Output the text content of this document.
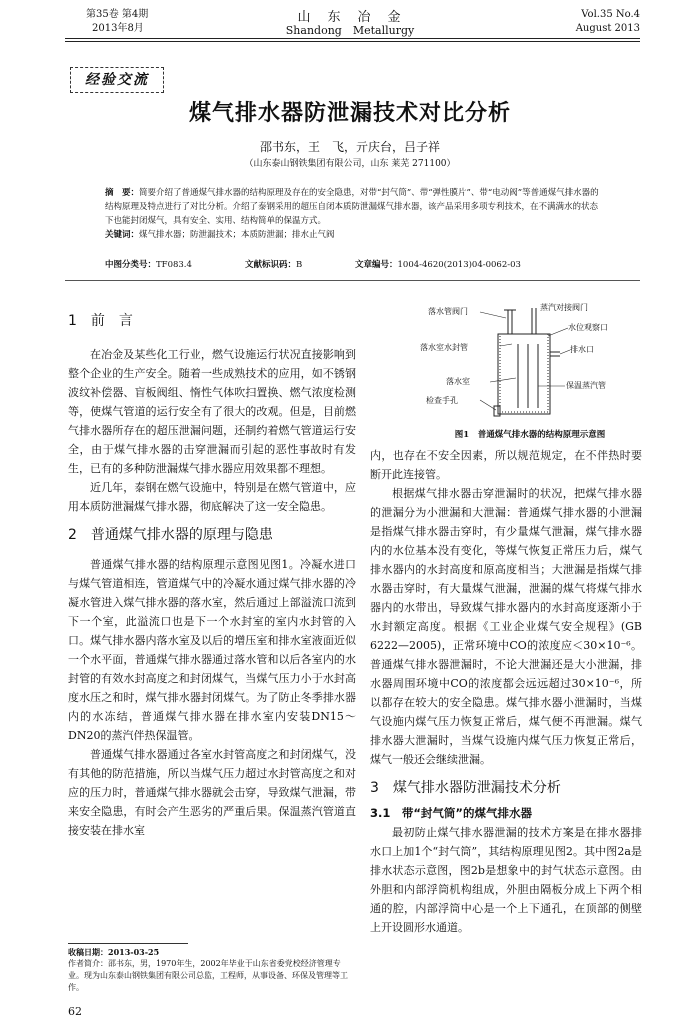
第35卷 第4期
2013年8月
山　东　冶　金
Shandong　Metallurgy
Vol.35 No.4
August 2013
经验交流
煤气排水器防泄漏技术对比分析
邵书东，王　飞，亓庆台，吕子祥
（山东泰山钢铁集团有限公司，山东 莱芜 271100）
摘　要：简要介绍了普通煤气排水器的结构原理及存在的安全隐患，对带“封气筒”、带“弹性膜片”、带“电动阀”等普通煤气排水器的结构原理及特点进行了对比分析。介绍了泰钢采用的超压自闭本质防泄漏煤气排水器，该产品采用多项专利技术，在不满满水的状态下也能封闭煤气，具有安全、实用、结构简单的保温方式。
关键词：煤气排水器；防泄漏技术；本质防泄漏；排水止气阀
中图分类号：TF083.4	文献标识码：B	文章编号：1004-4620(2013)04-0062-03
1　前　言

在冶金及某些化工行业，燃气设施运行状况直接影响到整个企业的生产安全。随着一些成熟技术的应用，如不锈钢波纹补偿器、盲板阀组、惰性气体吹扫置换、燃气浓度检测等，使煤气管道的运行安全有了很大的改观。但是，目前燃气排水器所存在的超压泄漏问题，还制约着燃气管道运行安全，由于煤气排水器的击穿泄漏而引起的恶性事故时有发生，已有的多种防泄漏煤气排水器应用效果都不理想。

近几年，泰钢在燃气设施中，特别是在燃气管道中，应用本质防泄漏煤气排水器，彻底解决了这一安全隐患。

2　普通煤气排水器的原理与隐患

普通煤气排水器的结构原理示意图见图1。冷凝水进口与煤气管道相连，管道煤气中的冷凝水通过煤气排水器的冷凝水管进入煤气排水器的落水室，然后通过上部溢流口流到下一个室，此溢流口也是下一个水封室的室内水封管的入口。煤气排水器内落水室及以后的增压室和排水室液面近似一个水平面，普通煤气排水器通过落水管和以后各室内的水封管的有效水封高度之和封闭煤气，当煤气压力小于水封高度水压之和时，煤气排水器封闭煤气。为了防止冬季排水器内的水冻结，普通煤气排水器在排水室内安装DN15～DN20的蒸汽伴热保温管。

普通煤气排水器通过各室水封管高度之和封闭煤气，没有其他的防范措施，所以当煤气压力超过水封管高度之和对应的压力时，普通煤气排水器就会击穿，导致煤气泄漏，带来安全隐患，有时会产生恶劣的严重后果。保温蒸汽管道直接安装在排水室

收稿日期：2013-03-25
作者简介：邵书东，男，1970年生，2002年毕业于山东省委党校经济管理专业。现为山东泰山钢铁集团有限公司总监，工程师，从事设备、环保及管理等工作。
62
落水管阀门	蒸汽对接阀门
水位观察口
落水室水封管	排水口
落水室	保温蒸汽管
检查手孔
图1　普通煤气排水器的结构原理示意图

内，也存在不安全因素，所以规范规定，在不伴热时要断开此连接管。

根据煤气排水器击穿泄漏时的状况，把煤气排水器的泄漏分为小泄漏和大泄漏：普通煤气排水器的小泄漏是指煤气排水器击穿时，有少量煤气泄漏，煤气排水器内的水位基本没有变化，等煤气恢复正常压力后，煤气排水器内的水封高度和原高度相当；大泄漏是指煤气排水器击穿时，有大量煤气泄漏，泄漏的煤气将煤气排水器内的水带出，导致煤气排水器内的水封高度逐渐小于水封额定高度。根据《工业企业煤气安全规程》(GB 6222—2005)，正常环境中CO的浓度应＜30×10⁻⁶。普通煤气排水器泄漏时，不论大泄漏还是大小泄漏，排水器周围环境中CO的浓度都会远远超过30×10⁻⁶，所以都存在较大的安全隐患。煤气排水器小泄漏时，当煤气设施内煤气压力恢复正常后，煤气便不再泄漏。煤气排水器大泄漏时，当煤气设施内煤气压力恢复正常后，煤气一般还会继续泄漏。

3　煤气排水器防泄漏技术分析
3.1　带“封气筒”的煤气排水器

最初防止煤气排水器泄漏的技术方案是在排水器排水口上加1个“封气筒”，其结构原理见图2。其中图2a是排水状态示意图，图2b是想象中的封气状态示意图。由外胆和内部浮筒机构组成，外胆由隔板分成上下两个相通的腔，内部浮筒中心是一个上下通孔，在顶部的侧壁上开设圆形水通道。
